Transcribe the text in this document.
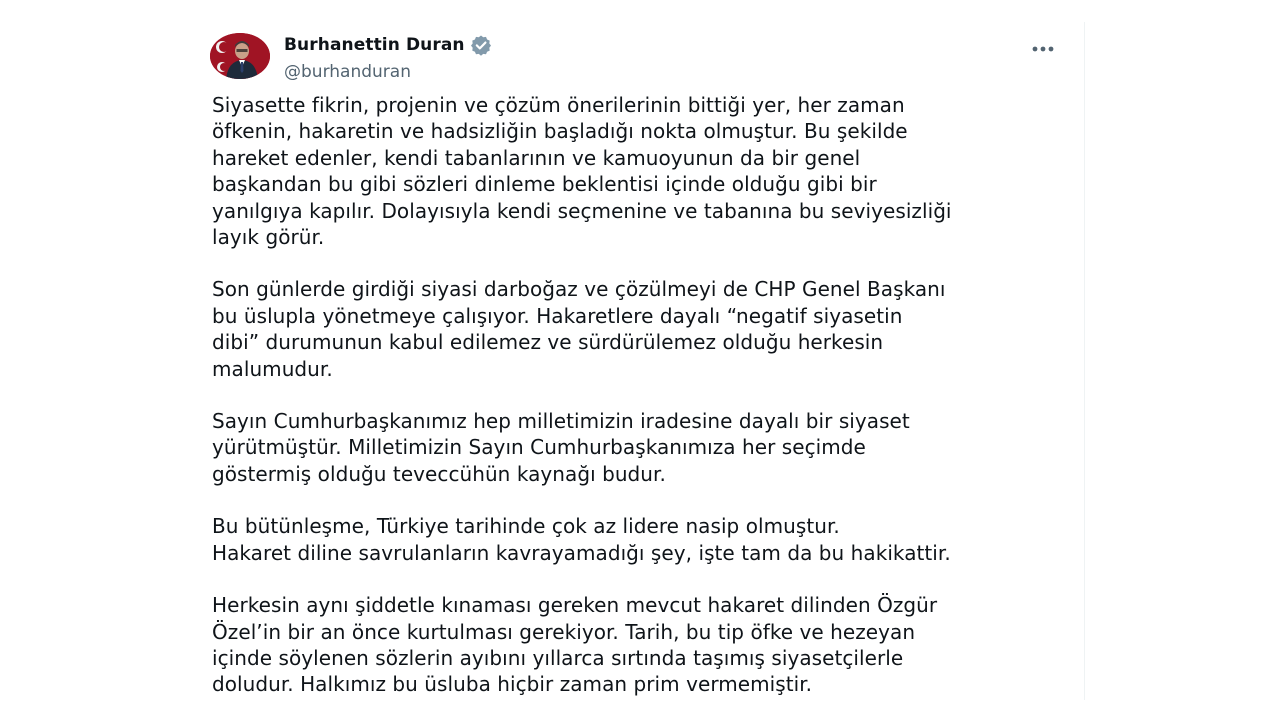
Burhanettin Duran
@burhanduran

Siyasette fikrin, projenin ve çözüm önerilerinin bittiği yer, her zaman
öfkenin, hakaretin ve hadsizliğin başladığı nokta olmuştur. Bu şekilde
hareket edenler, kendi tabanlarının ve kamuoyunun da bir genel
başkandan bu gibi sözleri dinleme beklentisi içinde olduğu gibi bir
yanılgıya kapılır. Dolayısıyla kendi seçmenine ve tabanına bu seviyesizliği
layık görür.

Son günlerde girdiği siyasi darboğaz ve çözülmeyi de CHP Genel Başkanı
bu üslupla yönetmeye çalışıyor. Hakaretlere dayalı “negatif siyasetin
dibi” durumunun kabul edilemez ve sürdürülemez olduğu herkesin
malumudur.

Sayın Cumhurbaşkanımız hep milletimizin iradesine dayalı bir siyaset
yürütmüştür. Milletimizin Sayın Cumhurbaşkanımıza her seçimde
göstermiş olduğu teveccühün kaynağı budur.

Bu bütünleşme, Türkiye tarihinde çok az lidere nasip olmuştur.
Hakaret diline savrulanların kavrayamadığı şey, işte tam da bu hakikattir.

Herkesin aynı şiddetle kınaması gereken mevcut hakaret dilinden Özgür
Özel’in bir an önce kurtulması gerekiyor. Tarih, bu tip öfke ve hezeyan
içinde söylenen sözlerin ayıbını yıllarca sırtında taşımış siyasetçilerle
doludur. Halkımız bu üsluba hiçbir zaman prim vermemiştir.
